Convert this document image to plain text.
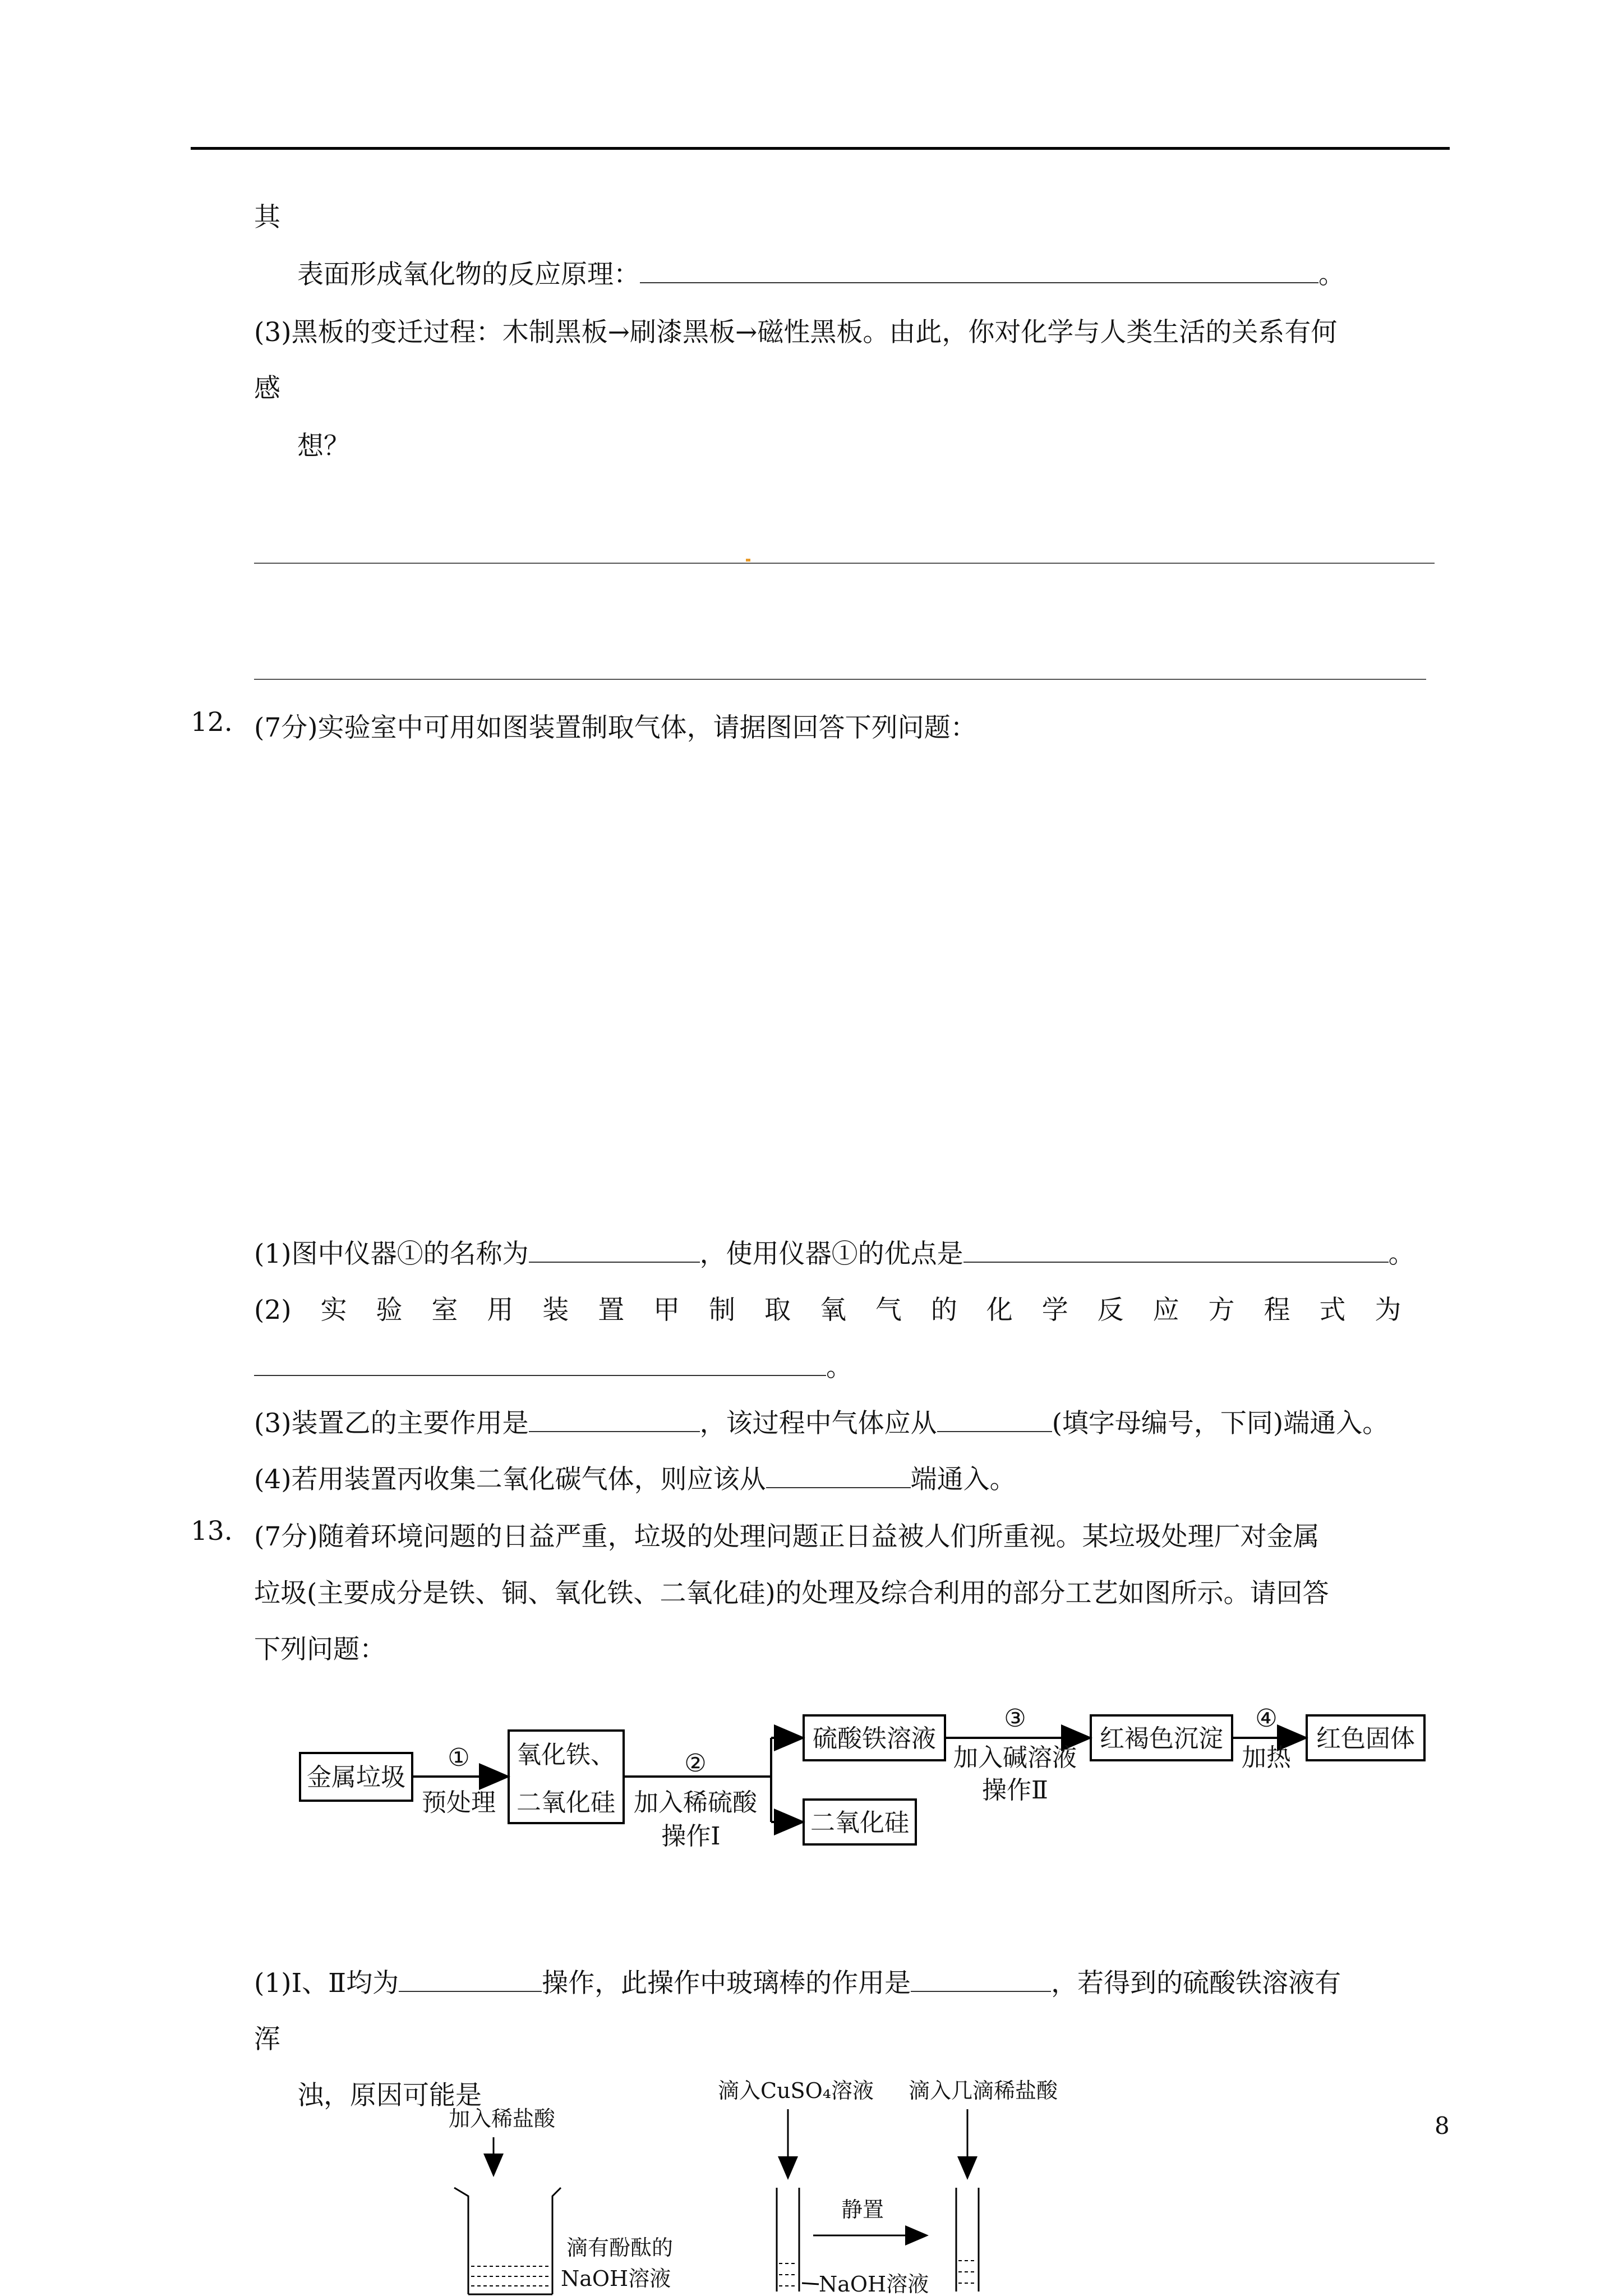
其
表面形成氧化物的反应原理：	。
(3)黑板的变迁过程：木制黑板→刷漆黑板→磁性黑板。由此，你对化学与人类生活的关系有何
感
想？
12. (7分)实验室中可用如图装置制取气体，请据图回答下列问题：
(1)图中仪器①的名称为	，使用仪器①的优点是	。
(2) 实 验 室 用 装 置 甲 制 取 氧 气 的 化 学 反 应 方 程 式 为
。
(3)装置乙的主要作用是	，该过程中气体应从	(填字母编号，下同)端通入。
(4)若用装置丙收集二氧化碳气体，则应该从	端通入。
13. (7分)随着环境问题的日益严重，垃圾的处理问题正日益被人们所重视。某垃圾处理厂对金属
垃圾(主要成分是铁、铜、氧化铁、二氧化硅)的处理及综合利用的部分工艺如图所示。请回答
下列问题：
金属垃圾
氧化铁、
二氧化硅
硫酸铁溶液
二氧化硅
红褐色沉淀	红色固体
①
预处理
②
加入稀硫酸
操作Ⅰ
③
加入碱溶液
操作Ⅱ
④
加热
(1)Ⅰ、Ⅱ均为	操作，此操作中玻璃棒的作用是	，若得到的硫酸铁溶液有
浑
浊，原因可能是
加入稀盐酸
滴有酚酞的
NaOH溶液
滴入CuSO₄溶液
NaOH溶液
静置
滴入几滴稀盐酸
8
